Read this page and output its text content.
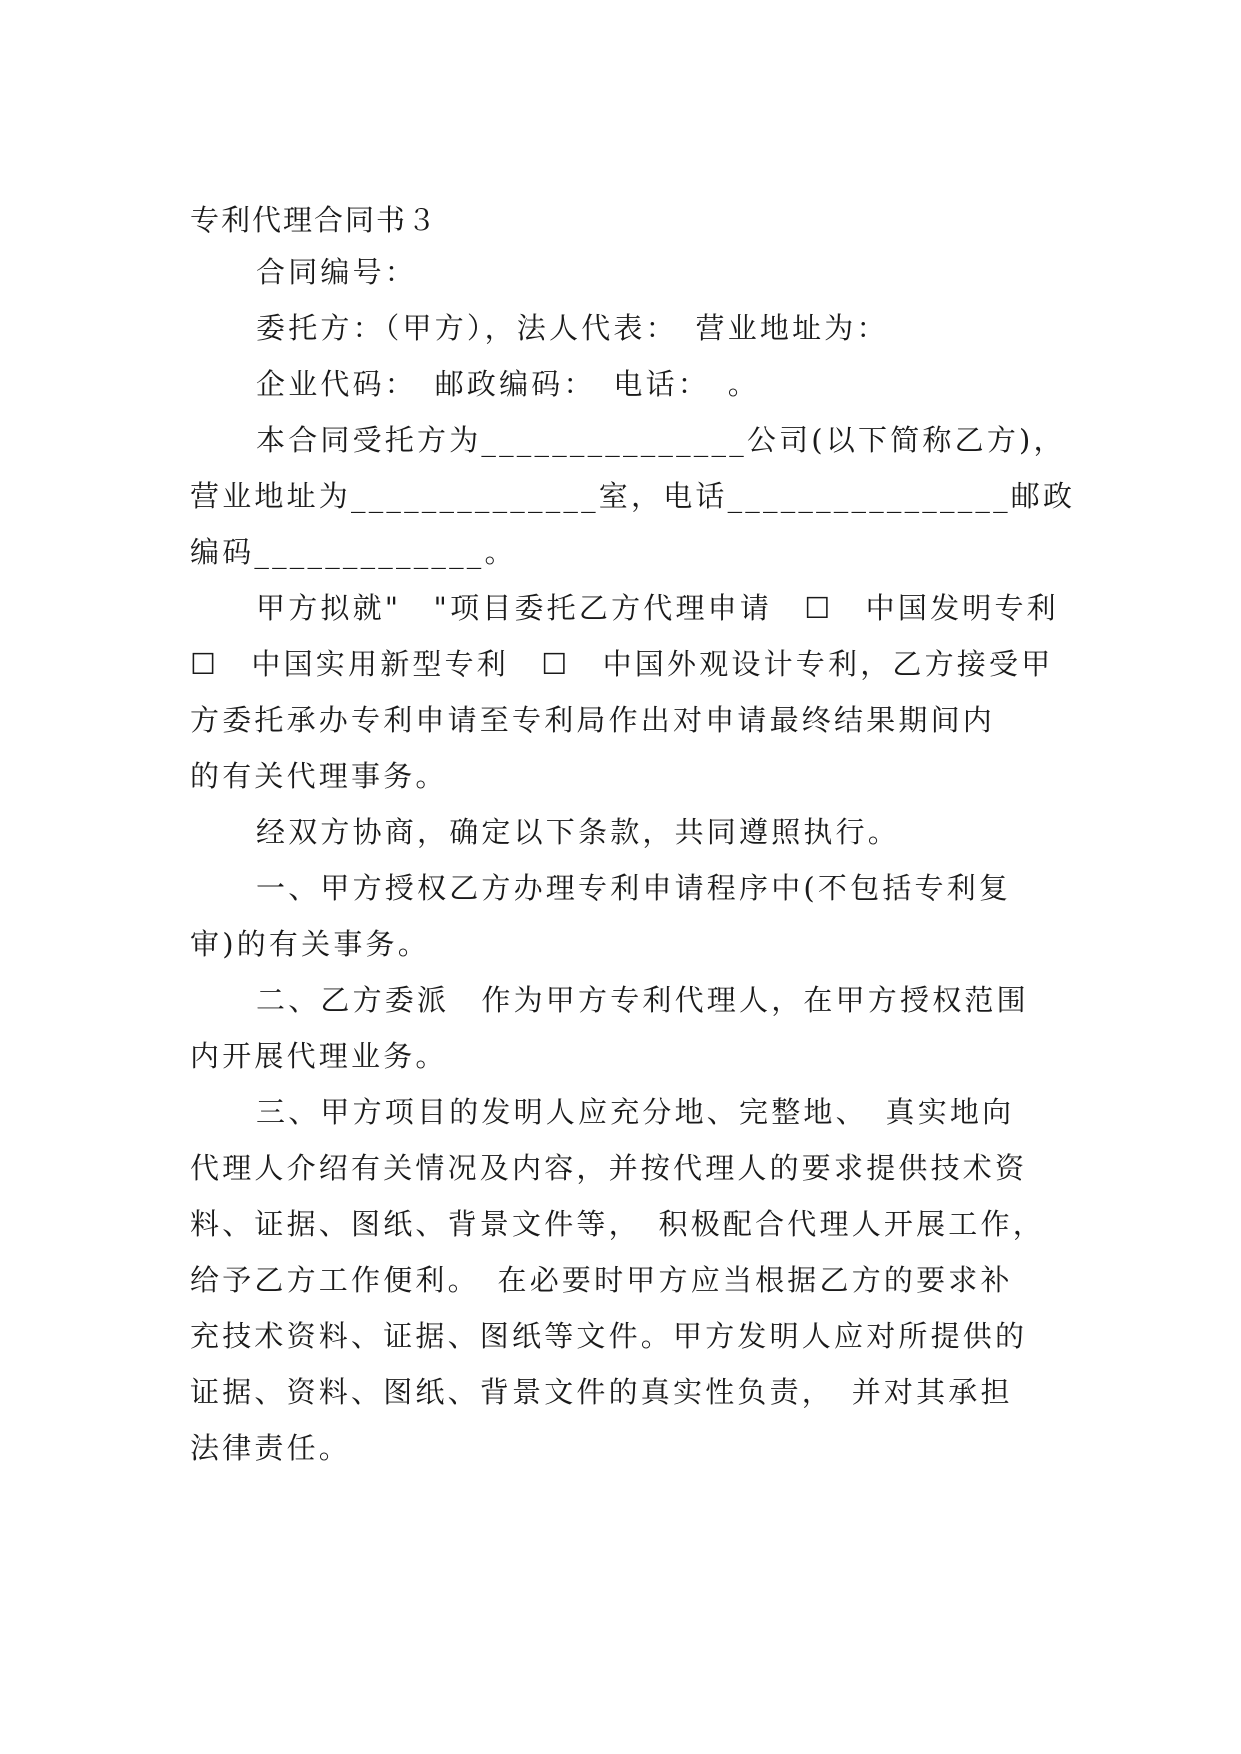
专利代理合同书３
合同编号：
委托方：（甲方），法人代表：　营业地址为：
企业代码：　邮政编码：　电话：　。
本合同受托方为_______________公司(以下简称乙方)，
营业地址为______________室，电话________________邮政
编码_____________。
甲方拟就"　"项目委托乙方代理申请　☐　中国发明专利
☐　中国实用新型专利　☐　中国外观设计专利，乙方接受甲
方委托承办专利申请至专利局作出对申请最终结果期间内
的有关代理事务。
经双方协商，确定以下条款，共同遵照执行。
一、甲方授权乙方办理专利申请程序中(不包括专利复
审)的有关事务。
二、乙方委派　作为甲方专利代理人，在甲方授权范围
内开展代理业务。
三、甲方项目的发明人应充分地、完整地、　真实地向
代理人介绍有关情况及内容，并按代理人的要求提供技术资
料、证据、图纸、背景文件等，　积极配合代理人开展工作，
给予乙方工作便利。　在必要时甲方应当根据乙方的要求补
充技术资料、证据、图纸等文件。甲方发明人应对所提供的
证据、资料、图纸、背景文件的真实性负责，　并对其承担
法律责任。
